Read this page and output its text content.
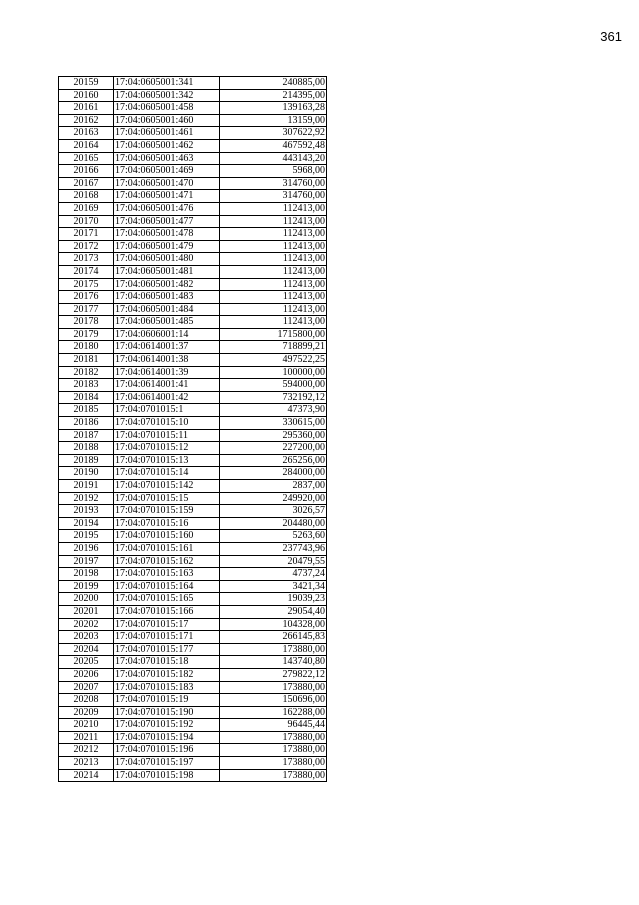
361
20159	17:04:0605001:341	240885,00
20160	17:04:0605001:342	214395,00
20161	17:04:0605001:458	139163,28
20162	17:04:0605001:460	13159,00
20163	17:04:0605001:461	307622,92
20164	17:04:0605001:462	467592,48
20165	17:04:0605001:463	443143,20
20166	17:04:0605001:469	5968,00
20167	17:04:0605001:470	314760,00
20168	17:04:0605001:471	314760,00
20169	17:04:0605001:476	112413,00
20170	17:04:0605001:477	112413,00
20171	17:04:0605001:478	112413,00
20172	17:04:0605001:479	112413,00
20173	17:04:0605001:480	112413,00
20174	17:04:0605001:481	112413,00
20175	17:04:0605001:482	112413,00
20176	17:04:0605001:483	112413,00
20177	17:04:0605001:484	112413,00
20178	17:04:0605001:485	112413,00
20179	17:04:0606001:14	1715800,00
20180	17:04:0614001:37	718899,21
20181	17:04:0614001:38	497522,25
20182	17:04:0614001:39	100000,00
20183	17:04:0614001:41	594000,00
20184	17:04:0614001:42	732192,12
20185	17:04:0701015:1	47373,90
20186	17:04:0701015:10	330615,00
20187	17:04:0701015:11	295360,00
20188	17:04:0701015:12	227200,00
20189	17:04:0701015:13	265256,00
20190	17:04:0701015:14	284000,00
20191	17:04:0701015:142	2837,00
20192	17:04:0701015:15	249920,00
20193	17:04:0701015:159	3026,57
20194	17:04:0701015:16	204480,00
20195	17:04:0701015:160	5263,60
20196	17:04:0701015:161	237743,96
20197	17:04:0701015:162	20479,55
20198	17:04:0701015:163	4737,24
20199	17:04:0701015:164	3421,34
20200	17:04:0701015:165	19039,23
20201	17:04:0701015:166	29054,40
20202	17:04:0701015:17	104328,00
20203	17:04:0701015:171	266145,83
20204	17:04:0701015:177	173880,00
20205	17:04:0701015:18	143740,80
20206	17:04:0701015:182	279822,12
20207	17:04:0701015:183	173880,00
20208	17:04:0701015:19	150696,00
20209	17:04:0701015:190	162288,00
20210	17:04:0701015:192	96445,44
20211	17:04:0701015:194	173880,00
20212	17:04:0701015:196	173880,00
20213	17:04:0701015:197	173880,00
20214	17:04:0701015:198	173880,00
